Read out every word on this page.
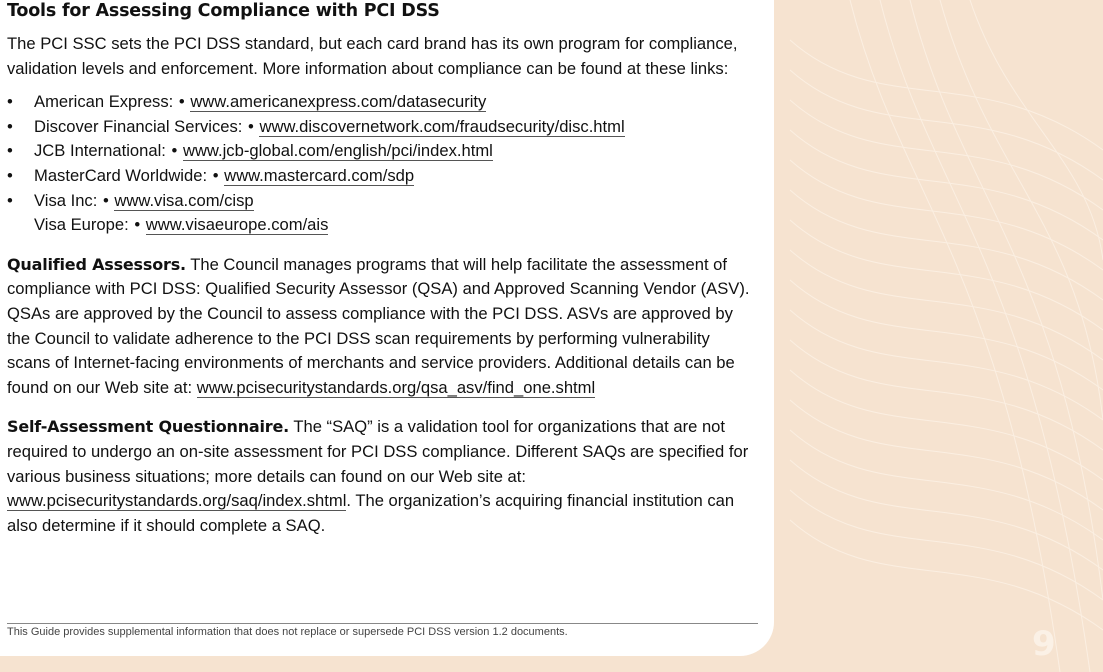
Tools for Assessing Compliance with PCI DSS

The PCI SSC sets the PCI DSS standard, but each card brand has its own program for compliance, validation levels and enforcement. More information about compliance can be found at these links:

• American Express: • www.americanexpress.com/datasecurity
• Discover Financial Services: • www.discovernetwork.com/fraudsecurity/disc.html
• JCB International: • www.jcb-global.com/english/pci/index.html
• MasterCard Worldwide: • www.mastercard.com/sdp
• Visa Inc: • www.visa.com/cisp
Visa Europe: • www.visaeurope.com/ais

Qualified Assessors. The Council manages programs that will help facilitate the assessment of compliance with PCI DSS: Qualified Security Assessor (QSA) and Approved Scanning Vendor (ASV). QSAs are approved by the Council to assess compliance with the PCI DSS. ASVs are approved by the Council to validate adherence to the PCI DSS scan requirements by performing vulnerability scans of Internet-facing environments of merchants and service providers. Additional details can be found on our Web site at: www.pcisecuritystandards.org/qsa_asv/find_one.shtml

Self-Assessment Questionnaire. The “SAQ” is a validation tool for organizations that are not required to undergo an on-site assessment for PCI DSS compliance. Different SAQs are specified for various business situations; more details can found on our Web site at: www.pcisecuritystandards.org/saq/index.shtml. The organization’s acquiring financial institution can also determine if it should complete a SAQ.

This Guide provides supplemental information that does not replace or supersede PCI DSS version 1.2 documents.	9
